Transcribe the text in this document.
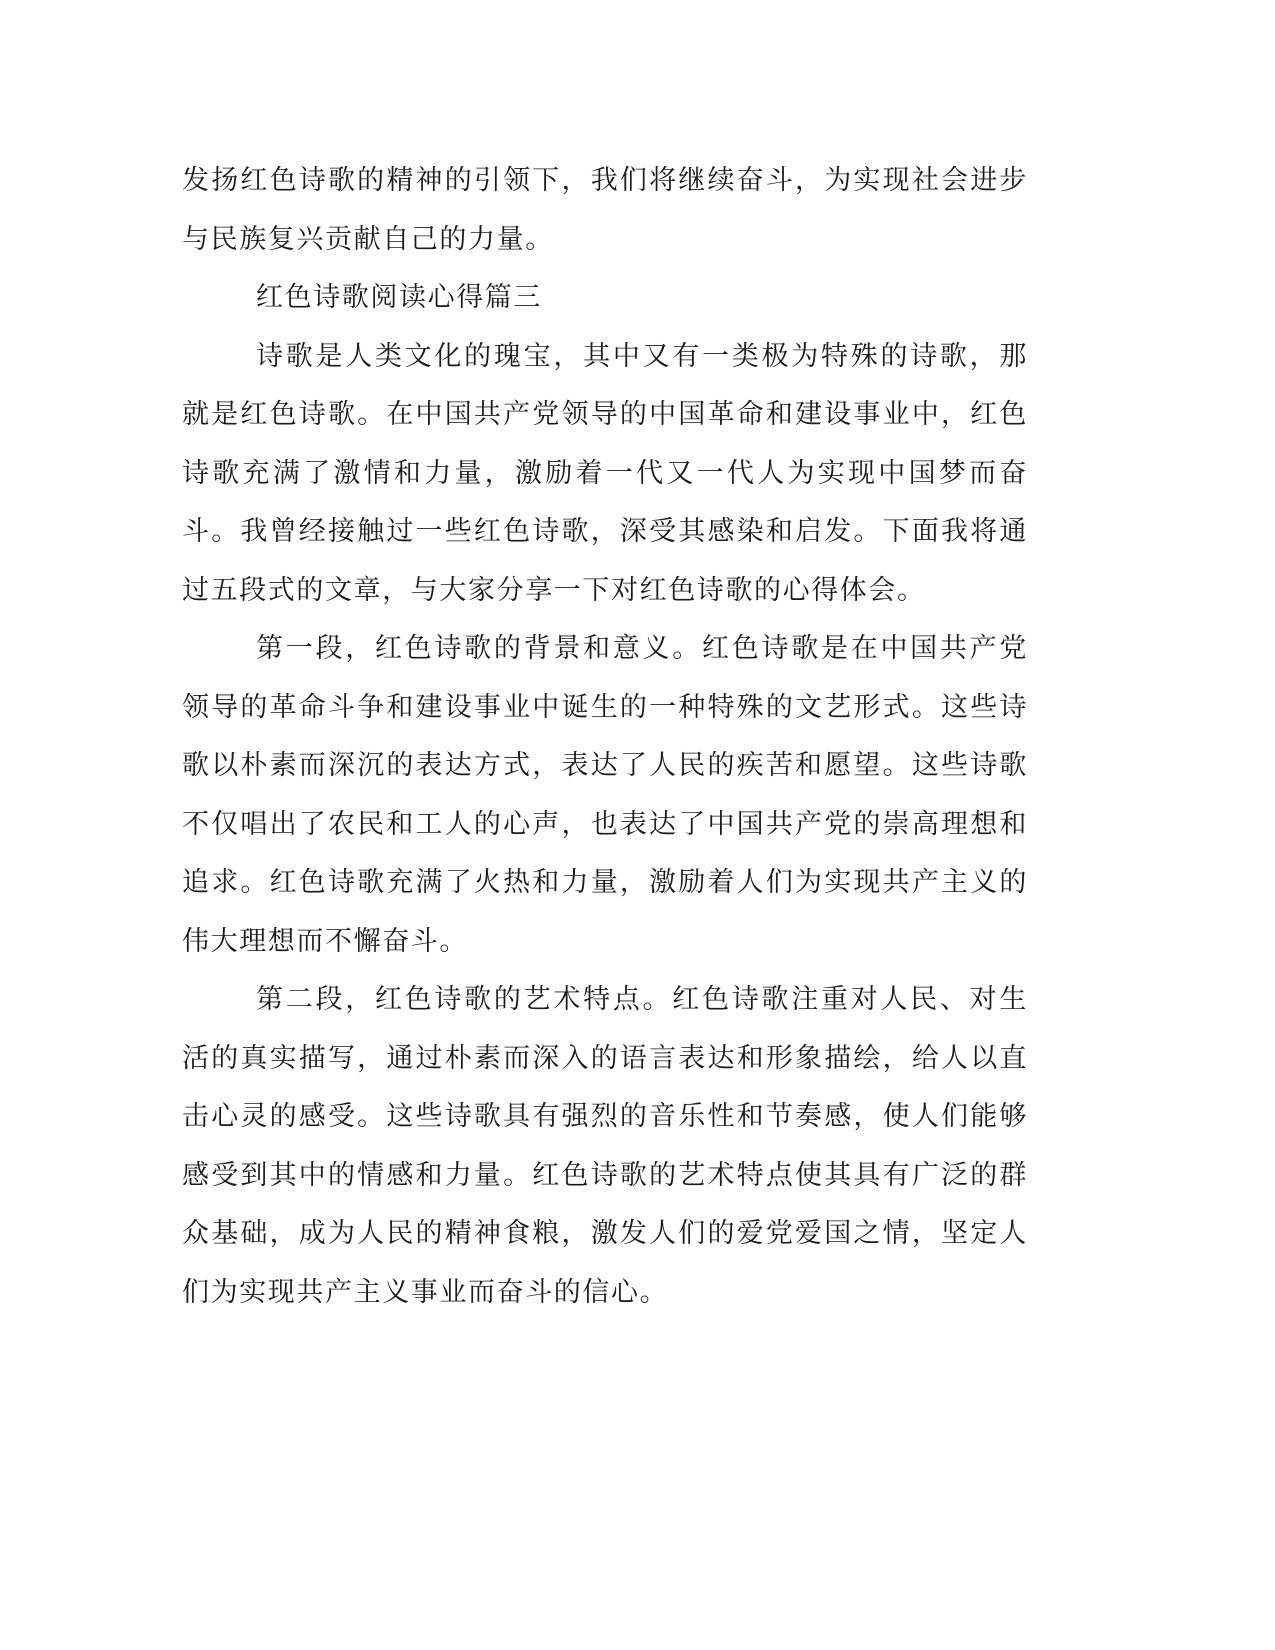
发扬红色诗歌的精神的引领下，我们将继续奋斗，为实现社会进步与民族复兴贡献自己的力量。

红色诗歌阅读心得篇三

诗歌是人类文化的瑰宝，其中又有一类极为特殊的诗歌，那就是红色诗歌。在中国共产党领导的中国革命和建设事业中，红色诗歌充满了激情和力量，激励着一代又一代人为实现中国梦而奋斗。我曾经接触过一些红色诗歌，深受其感染和启发。下面我将通过五段式的文章，与大家分享一下对红色诗歌的心得体会。

第一段，红色诗歌的背景和意义。红色诗歌是在中国共产党领导的革命斗争和建设事业中诞生的一种特殊的文艺形式。这些诗歌以朴素而深沉的表达方式，表达了人民的疾苦和愿望。这些诗歌不仅唱出了农民和工人的心声，也表达了中国共产党的崇高理想和追求。红色诗歌充满了火热和力量，激励着人们为实现共产主义的伟大理想而不懈奋斗。

第二段，红色诗歌的艺术特点。红色诗歌注重对人民、对生活的真实描写，通过朴素而深入的语言表达和形象描绘，给人以直击心灵的感受。这些诗歌具有强烈的音乐性和节奏感，使人们能够感受到其中的情感和力量。红色诗歌的艺术特点使其具有广泛的群众基础，成为人民的精神食粮，激发人们的爱党爱国之情，坚定人们为实现共产主义事业而奋斗的信心。
